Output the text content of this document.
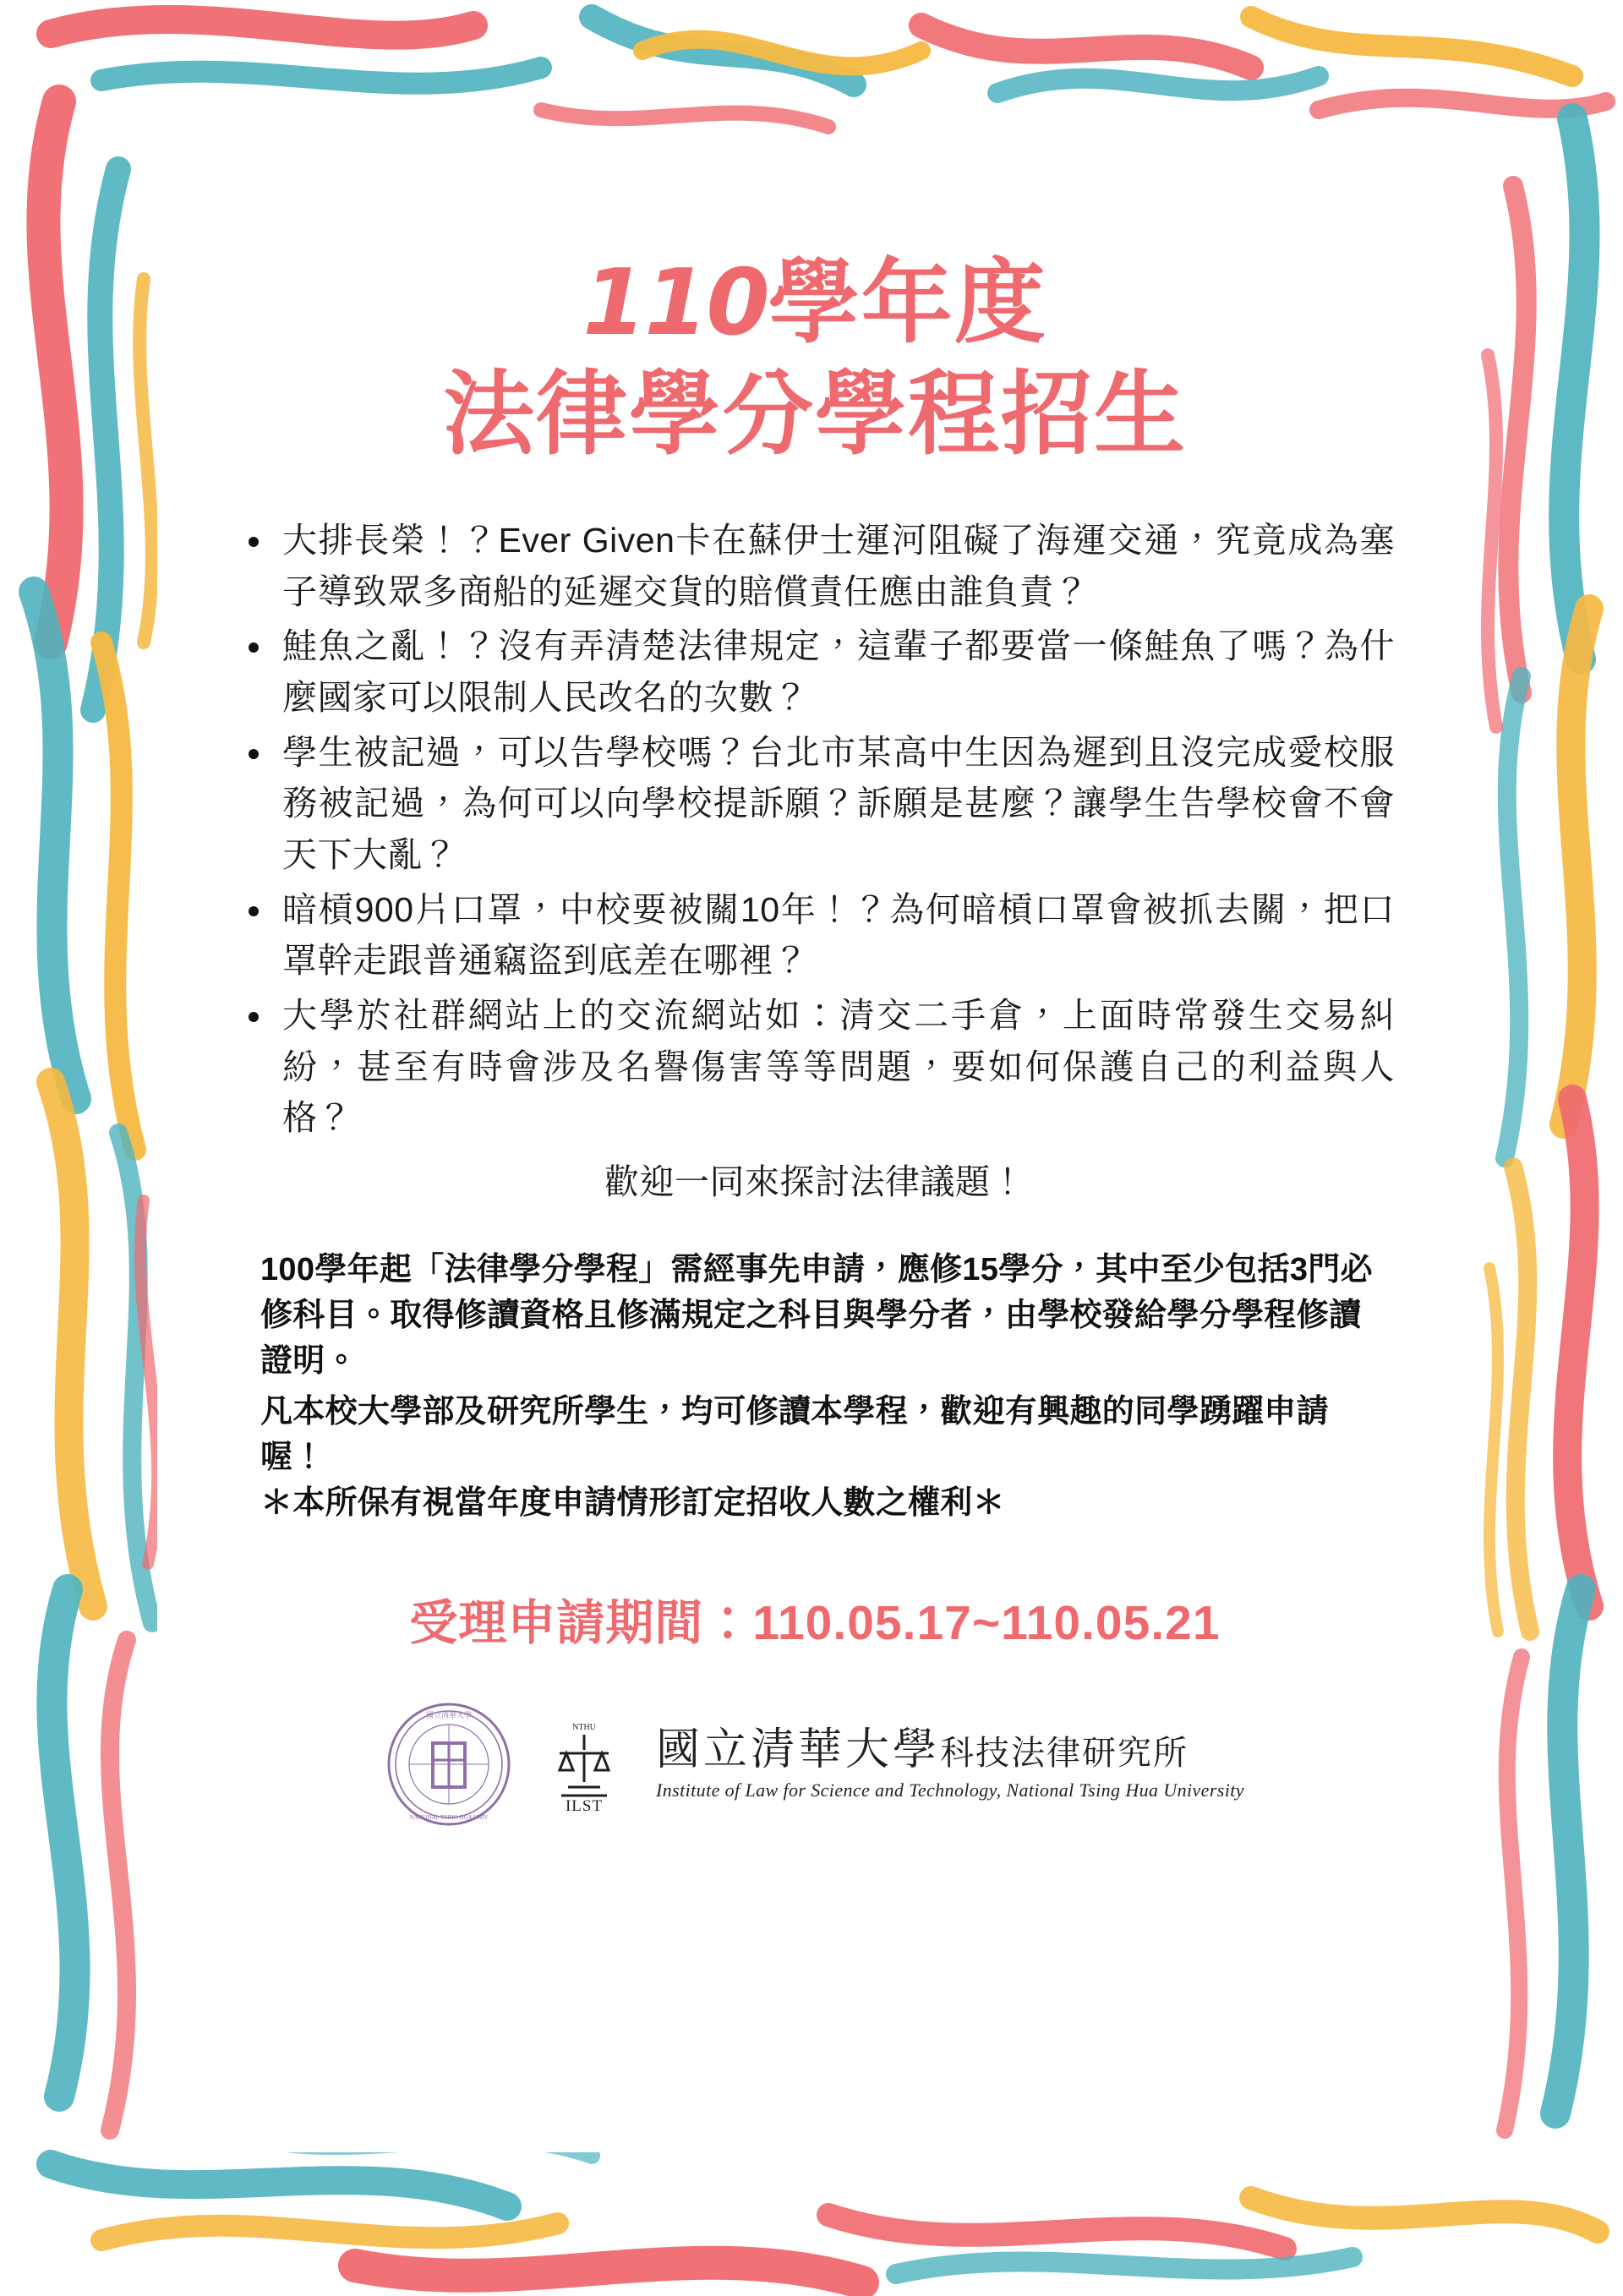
110學年度
法律學分學程招生
大排長榮！？Ever Given卡在蘇伊士運河阻礙了海運交通，究竟成為塞子導致眾多商船的延遲交貨的賠償責任應由誰負責？
鮭魚之亂！？沒有弄清楚法律規定，這輩子都要當一條鮭魚了嗎？為什麼國家可以限制人民改名的次數？
學生被記過，可以告學校嗎？台北市某高中生因為遲到且沒完成愛校服務被記過，為何可以向學校提訴願？訴願是甚麼？讓學生告學校會不會天下大亂？
暗槓900片口罩，中校要被關10年！？為何暗槓口罩會被抓去關，把口罩幹走跟普通竊盜到底差在哪裡？
大學於社群網站上的交流網站如：清交二手倉，上面時常發生交易糾紛，甚至有時會涉及名譽傷害等等問題，要如何保護自己的利益與人格？
歡迎一同來探討法律議題！

100學年起「法律學分學程」需經事先申請，應修15學分，其中至少包括3門必修科目。取得修讀資格且修滿規定之科目與學分者，由學校發給學分學程修讀證明。

凡本校大學部及研究所學生，均可修讀本學程，歡迎有興趣的同學踴躍申請喔！

＊本所保有視當年度申請情形訂定招收人數之權利＊

受理申請期間：110.05.17~110.05.21
國立清華大學
NATIONAL TSING HUA UNIV
NTHU
ILST
國立清華大學科技法律研究所
Institute of Law for Science and Technology, National Tsing Hua University
